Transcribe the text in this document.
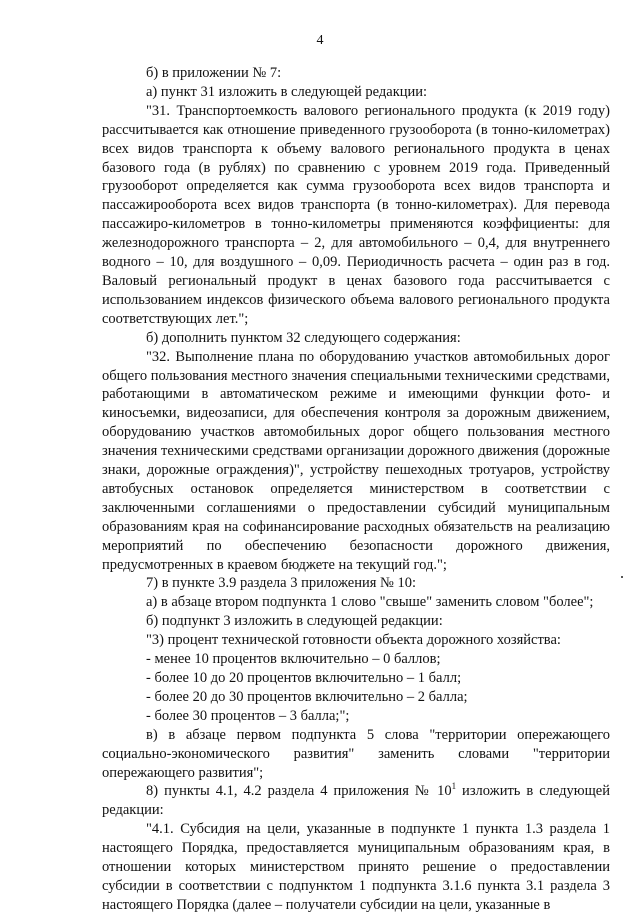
4

б) в приложении № 7:

а) пункт 31 изложить в следующей редакции:

"31. Транспортоемкость валового регионального продукта (к 2019 году) рассчитывается как отношение приведенного грузооборота (в тонно-километрах) всех видов транспорта к объему валового регионального продукта в ценах базового года (в рублях) по сравнению с уровнем 2019 года. Приведенный грузооборот определяется как сумма грузооборота всех видов транспорта и пассажирооборота всех видов транспорта (в тонно-километрах). Для перевода пассажиро-километров в тонно-километры применяются коэффициенты: для железнодорожного транспорта – 2, для автомобильного – 0,4, для внутреннего водного – 10, для воздушного – 0,09. Периодичность расчета – один раз в год. Валовый региональный продукт в ценах базового года рассчитывается с использованием индексов физического объема валового регионального продукта соответствующих лет.";

б) дополнить пунктом 32 следующего содержания:

"32. Выполнение плана по оборудованию участков автомобильных дорог общего пользования местного значения специальными техническими средствами, работающими в автоматическом режиме и имеющими функции фото- и киносъемки, видеозаписи, для обеспечения контроля за дорожным движением, оборудованию участков автомобильных дорог общего пользования местного значения техническими средствами организации дорожного движения (дорожные знаки, дорожные ограждения)", устройству пешеходных тротуаров, устройству автобусных остановок определяется министерством в соответствии с заключенными соглашениями о предоставлении субсидий муниципальным образованиям края на софинансирование расходных обязательств на реализацию мероприятий по обеспечению безопасности дорожного движения, предусмотренных в краевом бюджете на текущий год.";

7) в пункте 3.9 раздела 3 приложения № 10:

а) в абзаце втором подпункта 1 слово "свыше" заменить словом "более";

б) подпункт 3 изложить в следующей редакции:

"3) процент технической готовности объекта дорожного хозяйства:

- менее 10 процентов включительно – 0 баллов;

- более 10 до 20 процентов включительно – 1 балл;

- более 20 до 30 процентов включительно – 2 балла;

- более 30 процентов – 3 балла;";

в) в абзаце первом подпункта 5 слова "территории опережающего социально-экономического развития" заменить словами "территории опережающего развития";

8) пункты 4.1, 4.2 раздела 4 приложения № $10^1$ изложить в следующей редакции:

"4.1. Субсидия на цели, указанные в подпункте 1 пункта 1.3 раздела 1 настоящего Порядка, предоставляется муниципальным образованиям края, в отношении которых министерством принято решение о предоставлении субсидии в соответствии с подпунктом 1 подпункта 3.1.6 пункта 3.1 раздела 3 настоящего Порядка (далее – получатели субсидии на цели, указанные в
